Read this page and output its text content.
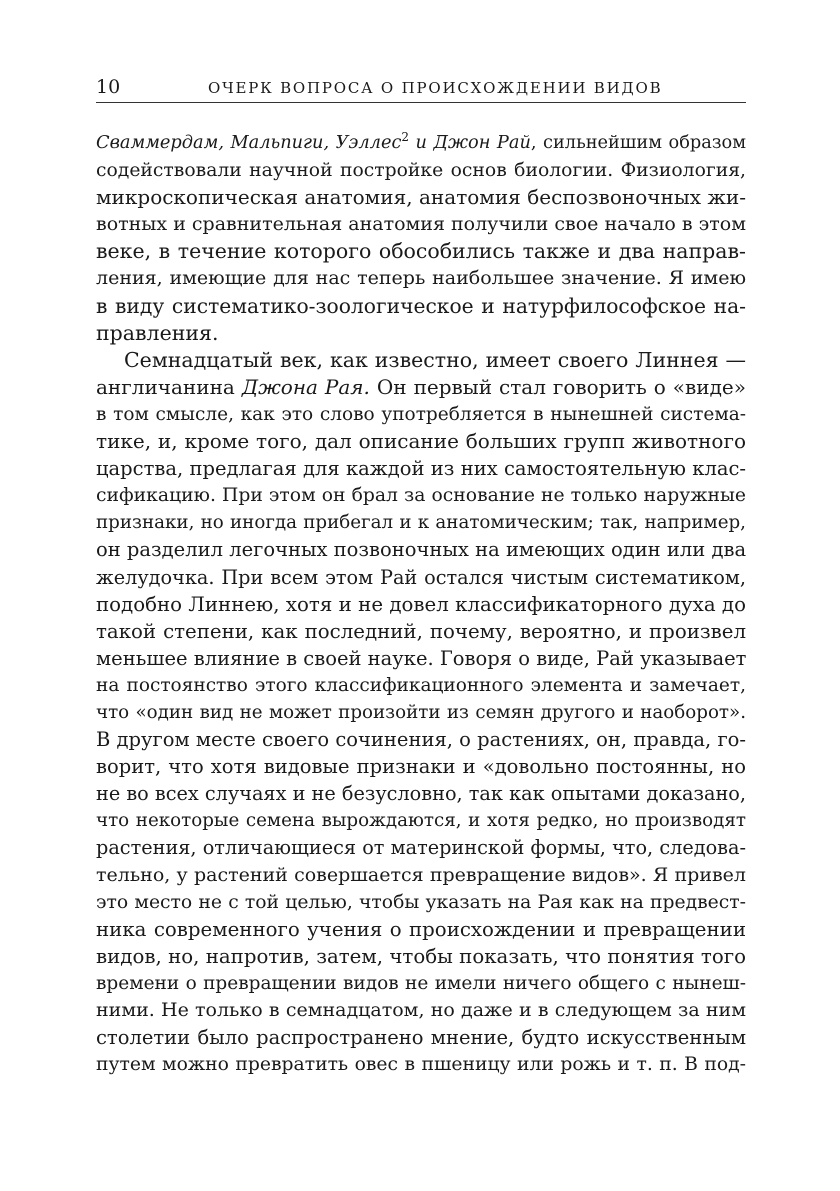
10	ОЧЕРК ВОПРОСА О ПРОИСХОЖДЕНИИ ВИДОВ
Сваммердам, Мальпиги, Уэллес$^2$ и Джон Рай, сильнейшим образом
содействовали научной постройке основ биологии. Физиология,
микроскопическая анатомия, анатомия беспозвоночных жи-
вотных и сравнительная анатомия получили свое начало в этом
веке, в течение которого обособились также и два направ-
ления, имеющие для нас теперь наибольшее значение. Я имею
в виду систематико-зоологическое и натурфилософское на-
правления.
Семнадцатый век, как известно, имеет своего Линнея —
англичанина Джона Рая. Он первый стал говорить о «виде»
в том смысле, как это слово употребляется в нынешней система-
тике, и, кроме того, дал описание больших групп животного
царства, предлагая для каждой из них самостоятельную клас-
сификацию. При этом он брал за основание не только наружные
признаки, но иногда прибегал и к анатомическим; так, например,
он разделил легочных позвоночных на имеющих один или два
желудочка. При всем этом Рай остался чистым систематиком,
подобно Линнею, хотя и не довел классификаторного духа до
такой степени, как последний, почему, вероятно, и произвел
меньшее влияние в своей науке. Говоря о виде, Рай указывает
на постоянство этого классификационного элемента и замечает,
что «один вид не может произойти из семян другого и наоборот».
В другом месте своего сочинения, о растениях, он, правда, го-
ворит, что хотя видовые признаки и «довольно постоянны, но
не во всех случаях и не безусловно, так как опытами доказано,
что некоторые семена вырождаются, и хотя редко, но производят
растения, отличающиеся от материнской формы, что, следова-
тельно, у растений совершается превращение видов». Я привел
это место не с той целью, чтобы указать на Рая как на предвест-
ника современного учения о происхождении и превращении
видов, но, напротив, затем, чтобы показать, что понятия того
времени о превращении видов не имели ничего общего с нынеш-
ними. Не только в семнадцатом, но даже и в следующем за ним
столетии было распространено мнение, будто искусственным
путем можно превратить овес в пшеницу или рожь и т. п. В под-
